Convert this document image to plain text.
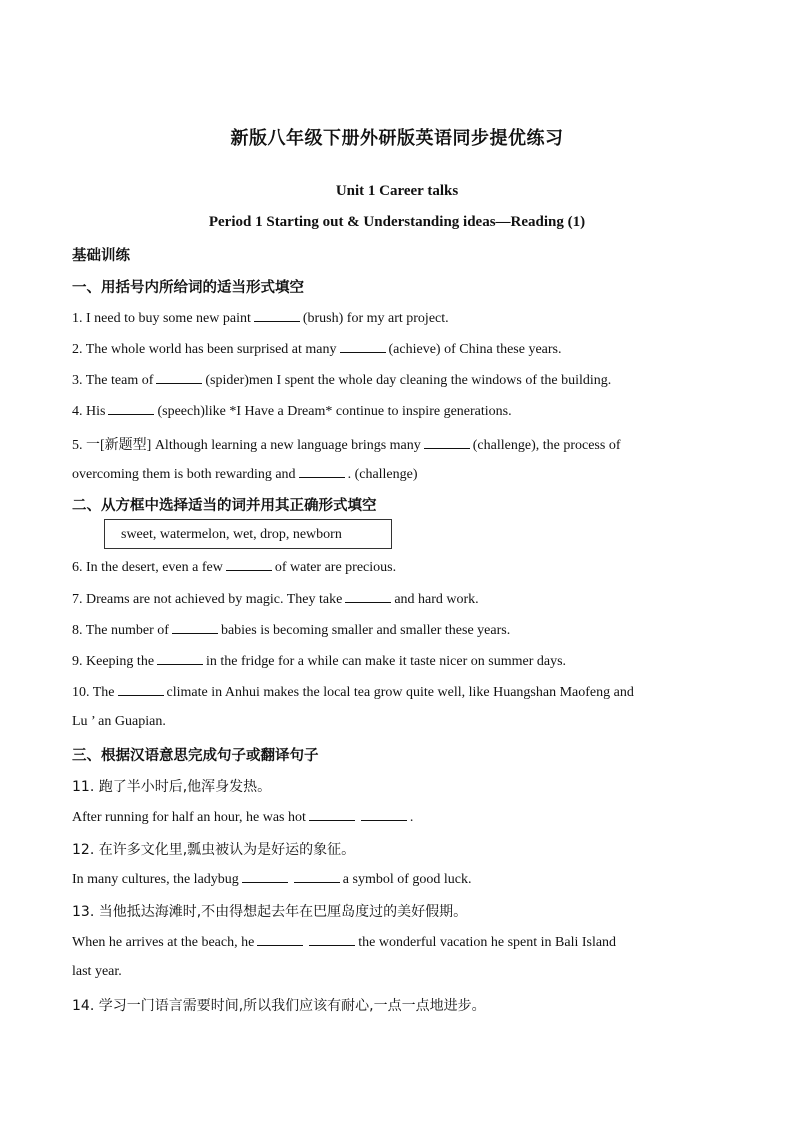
新版八年级下册外研版英语同步提优练习
Unit 1 Career talks
Period 1 Starting out & Understanding ideas—Reading (1)
基础训练
一、用括号内所给词的适当形式填空
1. I need to buy some new paint	(brush) for my art project.
2. The whole world has been surprised at many	(achieve) of China these years.
3. The team of	(spider)men I spent the whole day cleaning the windows of the building.
4. His	(speech)like *I Have a Dream* continue to inspire generations.
5. 一[新题型] Although learning a new language brings many	(challenge), the process of
overcoming them is both rewarding and	. (challenge)
二、从方框中选择适当的词并用其正确形式填空
sweet, watermelon, wet, drop, newborn
6. In the desert, even a few	of water are precious.
7. Dreams are not achieved by magic. They take	and hard work.
8. The number of	babies is becoming smaller and smaller these years.
9. Keeping the	in the fridge for a while can make it taste nicer on summer days.
10. The	climate in Anhui makes the local tea grow quite well, like Huangshan Maofeng and
Lu ’ an Guapian.
三、根据汉语意思完成句子或翻译句子
11. 跑了半小时后,他浑身发热。
After running for half an hour, he was hot	.
12. 在许多文化里,瓢虫被认为是好运的象征。
In many cultures, the ladybug	a symbol of good luck.
13. 当他抵达海滩时,不由得想起去年在巴厘岛度过的美好假期。
When he arrives at the beach, he	the wonderful vacation he spent in Bali Island
last year.
14. 学习一门语言需要时间,所以我们应该有耐心,一点一点地进步。
